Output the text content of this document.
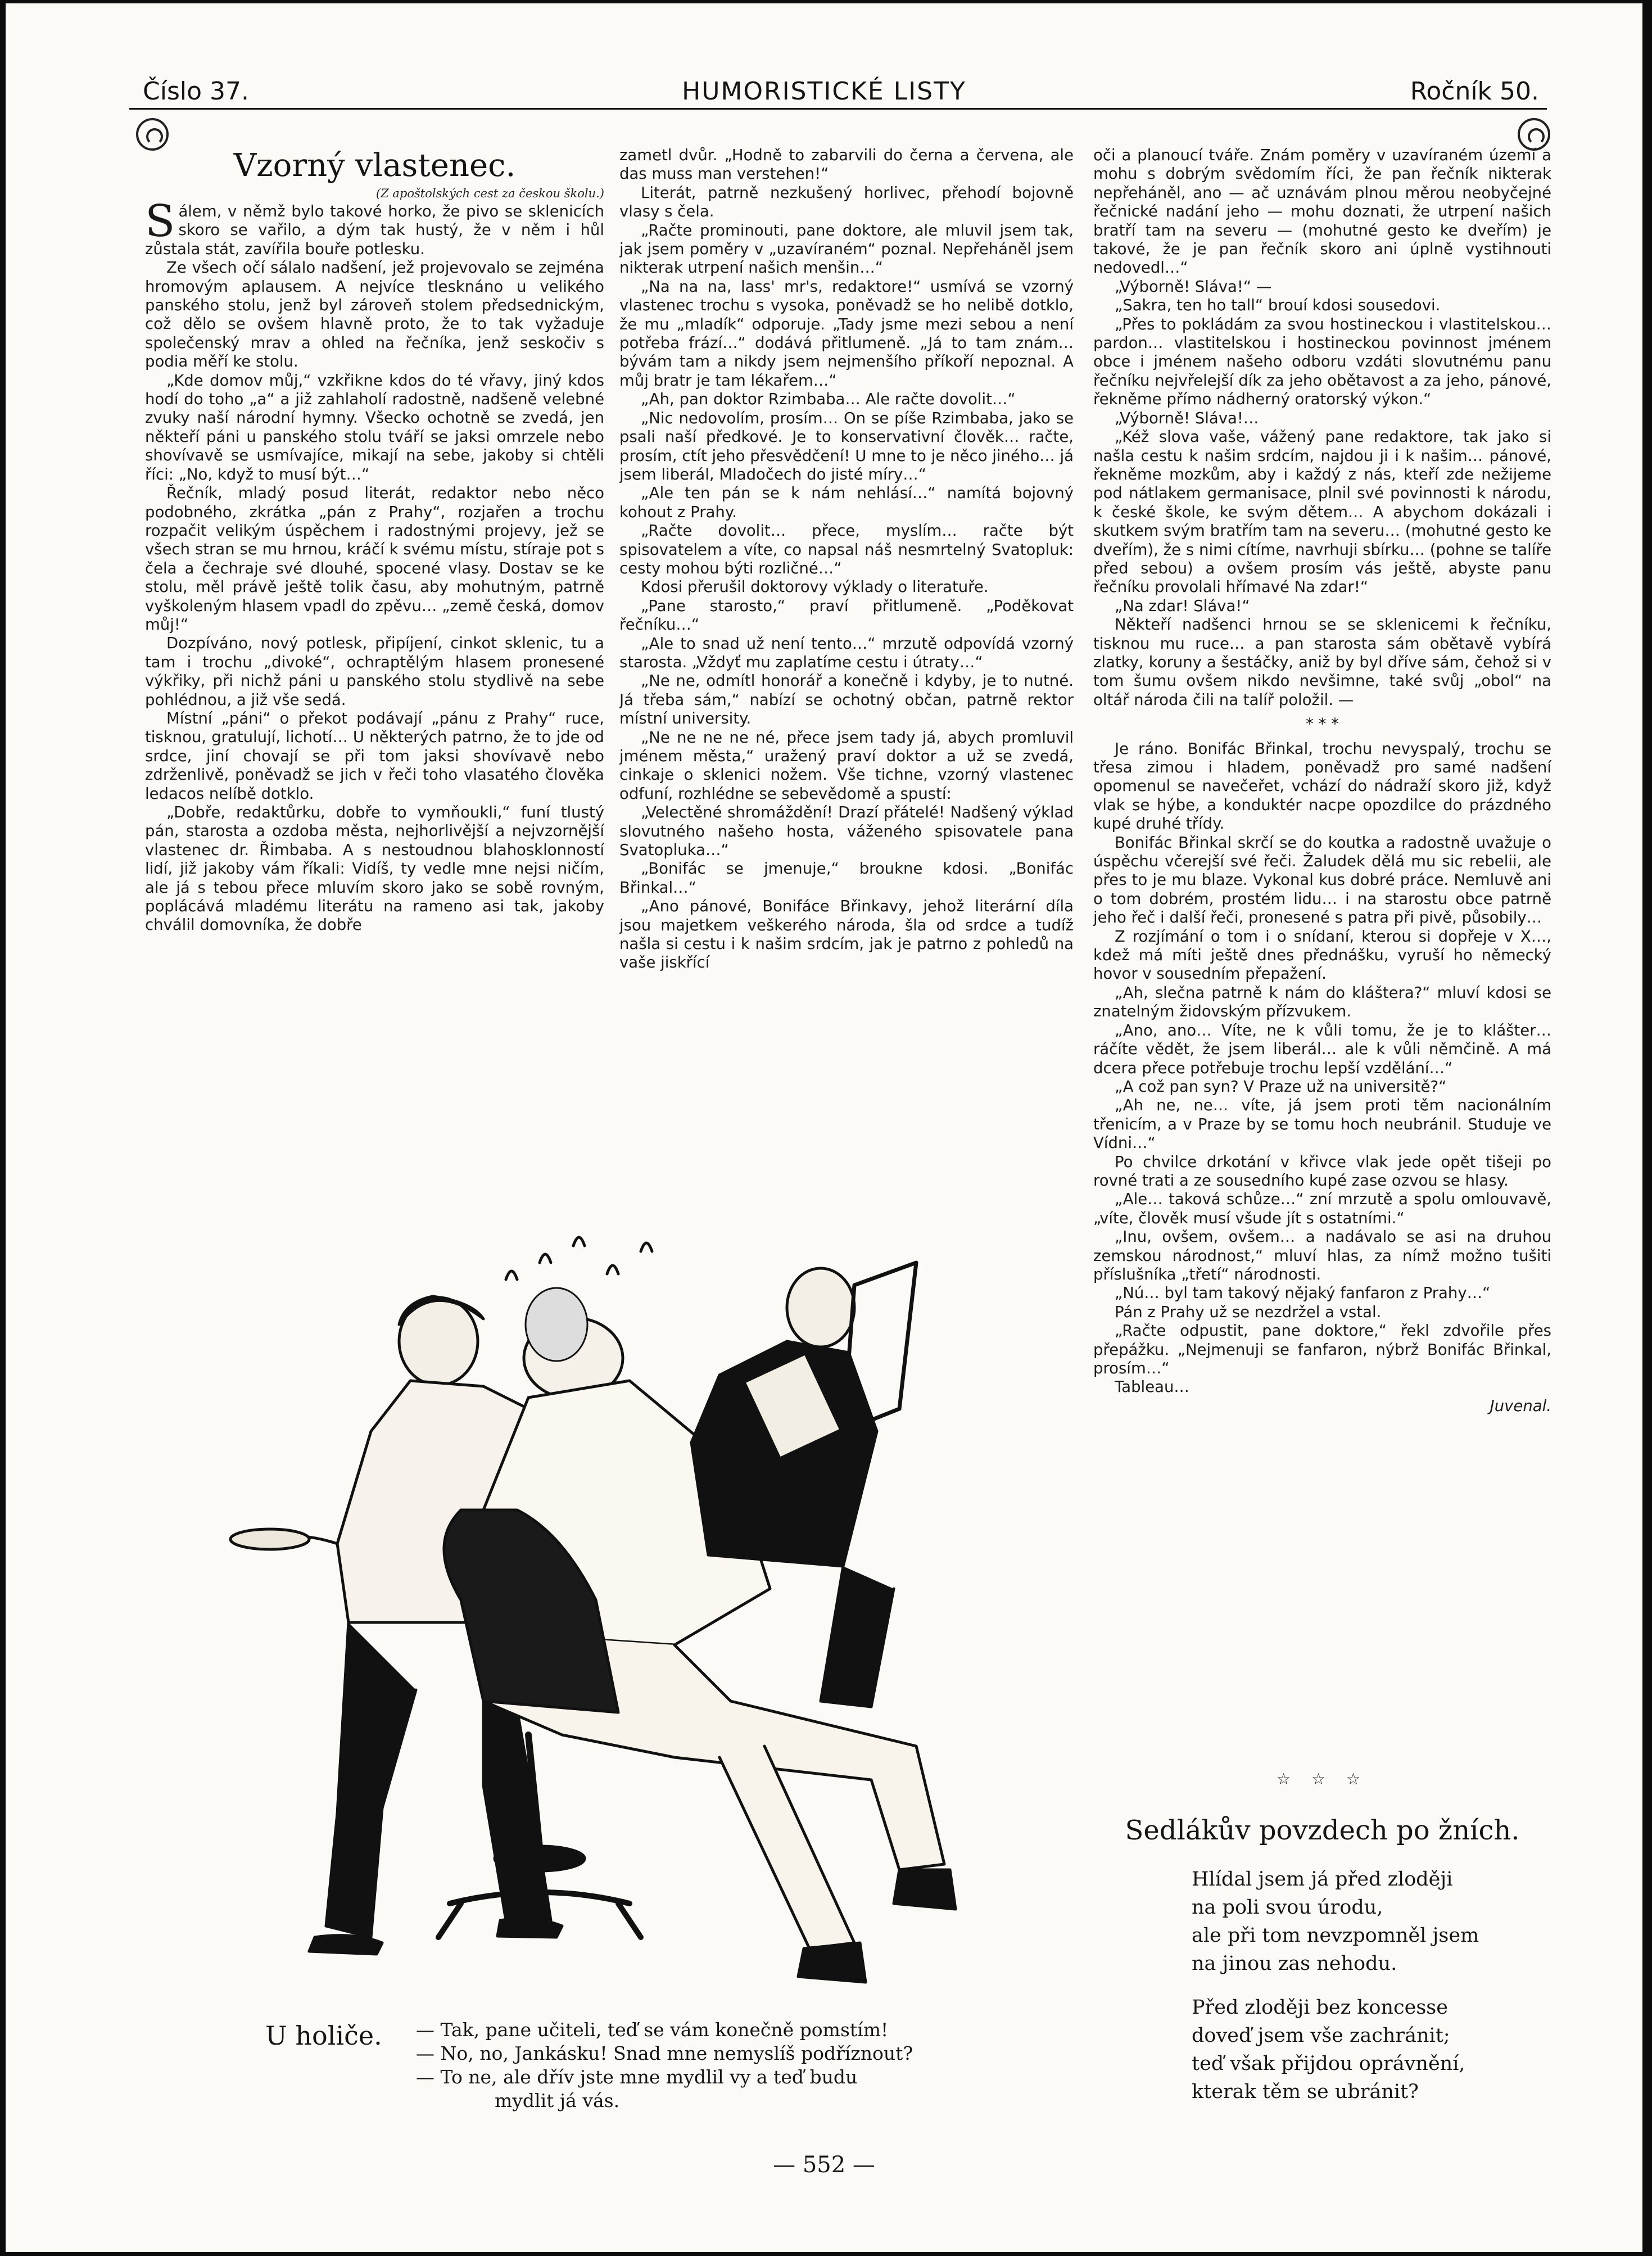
Číslo 37.	HUMORISTICKÉ LISTY	Ročník 50.
Vzorný vlastenec.
(Z apoštolských cest za českou školu.)

Sálem, v němž bylo takové horko, že pivo se sklenicích skoro se vařilo, a dým tak hustý, že v něm i hůl zůstala stát, zavířila bouře potlesku.

Ze všech očí sálalo nadšení, jež projevovalo se zejména hromovým aplausem. A nejvíce tlesknáno u velikého panského stolu, jenž byl zároveň stolem předsednickým, což dělo se ovšem hlavně proto, že to tak vyžaduje společenský mrav a ohled na řečníka, jenž seskočiv s podia měří ke stolu.

„Kde domov můj,“ vzkřikne kdos do té vřavy, jiný kdos hodí do toho „a“ a již zahlaholí radostně, nadšeně velebné zvuky naší národní hymny. Všecko ochotně se zvedá, jen někteří páni u panského stolu tváří se jaksi omrzele nebo shovívavě se usmívajíce, mikají na sebe, jakoby si chtěli říci: „No, když to musí být…“

Řečník, mladý posud literát, redaktor nebo něco podobného, zkrátka „pán z Prahy“, rozjařen a trochu rozpačit velikým úspěchem i radostnými projevy, jež se všech stran se mu hrnou, kráčí k svému místu, stíraje pot s čela a čechraje své dlouhé, spocené vlasy. Dostav se ke stolu, měl právě ještě tolik času, aby mohutným, patrně vyškoleným hlasem vpadl do zpěvu… „země česká, domov můj!“

Dozpíváno, nový potlesk, připíjení, cinkot sklenic, tu a tam i trochu „divoké“, ochraptělým hlasem pronesené výkřiky, při nichž páni u panského stolu stydlivě na sebe pohlédnou, a již vše sedá.

Místní „páni“ o překot podávají „pánu z Prahy“ ruce, tisknou, gratulují, lichotí… U některých patrno, že to jde od srdce, jiní chovají se při tom jaksi shovívavě nebo zdrženlivě, poněvadž se jich v řeči toho vlasatého člověka ledacos nelíbě dotklo.

„Dobře, redaktůrku, dobře to vymňoukli,“ funí tlustý pán, starosta a ozdoba města, nejhorlivější a nejvzornější vlastenec dr. Řimbaba. A s nestoudnou blahosklonností lidí, již jakoby vám říkali: Vidíš, ty vedle mne nejsi ničím, ale já s tebou přece mluvím skoro jako se sobě rovným, poplácává mladému literátu na rameno asi tak, jakoby chválil domovníka, že dobře

zametl dvůr. „Hodně to zabarvili do černa a červena, ale das muss man verstehen!“

Literát, patrně nezkušený horlivec, přehodí bojovně vlasy s čela.

„Račte prominouti, pane doktore, ale mluvil jsem tak, jak jsem poměry v „uzavíraném“ poznal. Nepřeháněl jsem nikterak utrpení našich menšin…“

„Na na na, lass' mr's, redaktore!“ usmívá se vzorný vlastenec trochu s vysoka, poněvadž se ho nelibě dotklo, že mu „mladík“ odporuje. „Tady jsme mezi sebou a není potřeba frází…“ dodává přitlumeně. „Já to tam znám… bývám tam a nikdy jsem nejmenšího příkoří nepoznal. A můj bratr je tam lékařem…“

„Ah, pan doktor Rzimbaba… Ale račte dovolit…“

„Nic nedovolím, prosím… On se píše Rzimbaba, jako se psali naší předkové. Je to konservativní člověk… račte, prosím, ctít jeho přesvědčení! U mne to je něco jiného… já jsem liberál, Mladočech do jisté míry…“

„Ale ten pán se k nám nehlásí…“ namítá bojovný kohout z Prahy.

„Račte dovolit… přece, myslím… račte být spisovatelem a víte, co napsal náš nesmrtelný Svatopluk: cesty mohou býti rozličné…“

Kdosi přerušil doktorovy výklady o literatuře.

„Pane starosto,“ praví přitlumeně. „Poděkovat řečníku…“

„Ale to snad už není tento…“ mrzutě odpovídá vzorný starosta. „Vždyť mu zaplatíme cestu i útraty…“

„Ne ne, odmítl honorář a konečně i kdyby, je to nutné. Já třeba sám,“ nabízí se ochotný občan, patrně rektor místní university.

„Ne ne ne ne né, přece jsem tady já, abych promluvil jménem města,“ uražený praví doktor a už se zvedá, cinkaje o sklenici nožem. Vše tichne, vzorný vlastenec odfuní, rozhlédne se sebevědomě a spustí:

„Velectěné shromáždění! Drazí přátelé! Nadšený výklad slovutného našeho hosta, váženého spisovatele pana Svatopluka…“

„Bonifác se jmenuje,“ broukne kdosi. „Bonifác Břinkal…“

„Ano pánové, Bonifáce Břinkavy, jehož literární díla jsou majetkem veškerého národa, šla od srdce a tudíž našla si cestu i k našim srdcím, jak je patrno z pohledů na vaše jiskřící

oči a planoucí tváře. Znám poměry v uzavíraném území a mohu s dobrým svědomím říci, že pan řečník nikterak nepřeháněl, ano — ač uznávám plnou měrou neobyčejné řečnické nadání jeho — mohu doznati, že utrpení našich bratří tam na severu — (mohutné gesto ke dveřím) je takové, že je pan řečník skoro ani úplně vystihnouti nedovedl…“

„Výborně! Sláva!“ —

„Sakra, ten ho tall“ brouí kdosi sousedovi.

„Přes to pokládám za svou hostineckou i vlastitelskou… pardon… vlastitelskou i hostineckou povinnost jménem obce i jménem našeho odboru vzdáti slovutnému panu řečníku nejvřelejší dík za jeho obětavost a za jeho, pánové, řekněme přímo nádherný oratorský výkon.“

„Výborně! Sláva!…

„Kéž slova vaše, vážený pane redaktore, tak jako si našla cestu k našim srdcím, najdou ji i k našim… pánové, řekněme mozkům, aby i každý z nás, kteří zde nežijeme pod nátlakem germanisace, plnil své povinnosti k národu, k české škole, ke svým dětem… A abychom dokázali i skutkem svým bratřím tam na severu… (mohutné gesto ke dveřím), že s nimi cítíme, navrhuji sbírku… (pohne se talíře před sebou) a ovšem prosím vás ještě, abyste panu řečníku provolali hřímavé Na zdar!“

„Na zdar! Sláva!“

Někteří nadšenci hrnou se se sklenicemi k řečníku, tisknou mu ruce… a pan starosta sám obětavě vybírá zlatky, koruny a šestáčky, aniž by byl dříve sám, čehož si v tom šumu ovšem nikdo nevšimne, také svůj „obol“ na oltář národa čili na talíř položil. —

* * *

Je ráno. Bonifác Břinkal, trochu nevyspalý, trochu se třesa zimou i hladem, poněvadž pro samé nadšení opomenul se navečeřet, vchází do nádraží skoro již, když vlak se hýbe, a konduktér nacpe opozdilce do prázdného kupé druhé třídy.

Bonifác Břinkal skrčí se do koutka a radostně uvažuje o úspěchu včerejší své řeči. Žaludek dělá mu sic rebelii, ale přes to je mu blaze. Vykonal kus dobré práce. Nemluvě ani o tom dobrém, prostém lidu… i na starostu obce patrně jeho řeč i další řeči, pronesené s patra při pivě, působily…

Z rozjímání o tom i o snídaní, kterou si dopřeje v X…, kdež má míti ještě dnes přednášku, vyruší ho německý hovor v sousedním přepažení.

„Ah, slečna patrně k nám do kláštera?“ mluví kdosi se znatelným židovským přízvukem.

„Ano, ano… Víte, ne k vůli tomu, že je to klášter… ráčíte vědět, že jsem liberál… ale k vůli němčině. A má dcera přece potřebuje trochu lepší vzdělání…“

„A což pan syn? V Praze už na universitě?“

„Ah ne, ne… víte, já jsem proti těm nacionálním třenicím, a v Praze by se tomu hoch neubránil. Studuje ve Vídni…“

Po chvilce drkotání v křivce vlak jede opět tišeji po rovné trati a ze sousedního kupé zase ozvou se hlasy.

„Ale… taková schůze…“ zní mrzutě a spolu omlouvavě, „víte, člověk musí všude jít s ostatními.“

„Inu, ovšem, ovšem… a nadávalo se asi na druhou zemskou národnost,“ mluví hlas, za nímž možno tušiti příslušníka „třetí“ národnosti.

„Nú… byl tam takový nějaký fanfaron z Prahy…“

Pán z Prahy už se nezdržel a vstal.

„Račte odpustit, pane doktore,“ řekl zdvořile přes přepážku. „Nejmenuji se fanfaron, nýbrž Bonifác Břinkal, prosím…“

Tableau…

Juvenal.

U holiče. — Tak, pane učiteli, teď se vám konečně pomstím!
— No, no, Jankásku! Snad mne nemyslíš podříznout?
— To ne, ale dřív jste mne mydlil vy a teď budu
mydlit já vás.
☆ ☆ ☆
Sedlákův povzdech po žních.
Hlídal jsem já před zloději
na poli svou úrodu,
ale při tom nevzpomněl jsem
na jinou zas nehodu.
Před zloději bez koncesse
doveď jsem vše zachránit;
teď však přijdou oprávnění,
kterak těm se ubránit?
— 552 —
